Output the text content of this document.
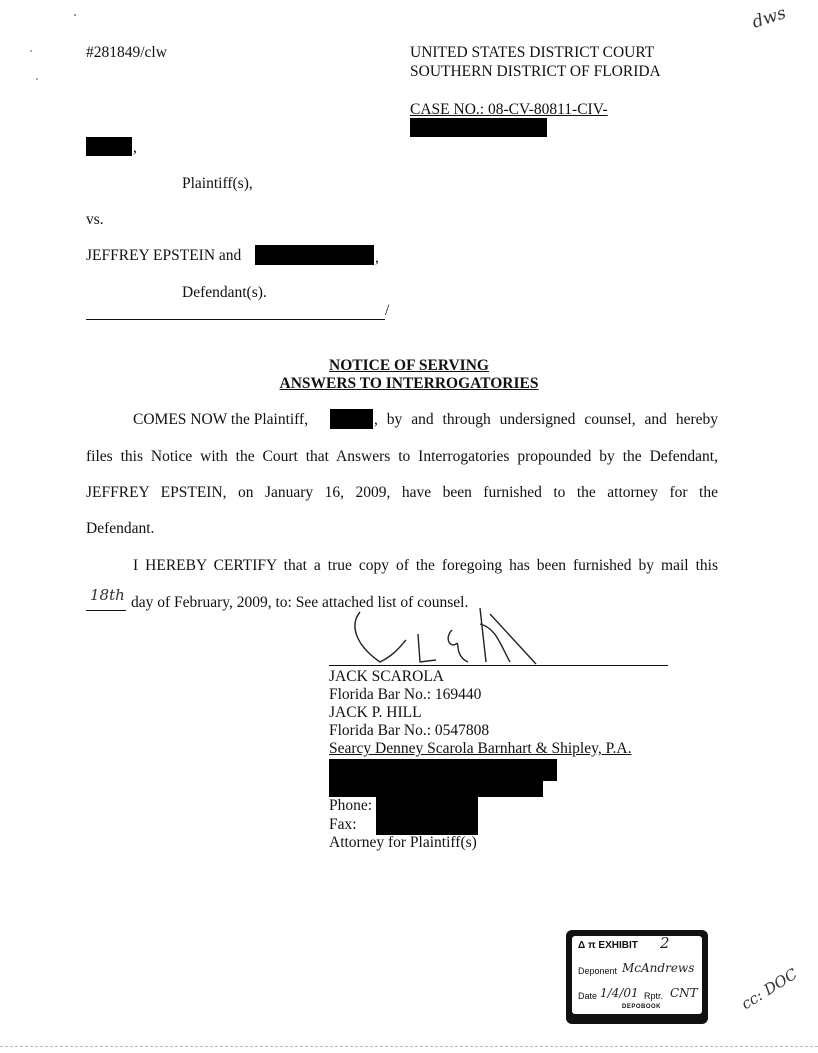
#281849/clw	UNITED STATES DISTRICT COURT
SOUTHERN DISTRICT OF FLORIDA
CASE NO.: 08-CV-80811-CIV-
,
Plaintiff(s),
vs.
JEFFREY EPSTEIN and	,
Defendant(s).
/
NOTICE OF SERVING
ANSWERS TO INTERROGATORIES
COMES NOW the Plaintiff,	, by and through undersigned counsel, and hereby
files this Notice with the Court that Answers to Interrogatories propounded by the Defendant,
JEFFREY EPSTEIN, on January 16, 2009, have been furnished to the attorney for the
Defendant.
I HEREBY CERTIFY that a true copy of the foregoing has been furnished by mail this
18th day of February, 2009, to: See attached list of counsel.
JACK SCAROLA
Florida Bar No.: 169440
JACK P. HILL
Florida Bar No.: 0547808
Searcy Denney Scarola Barnhart & Shipley, P.A.
Phone:
Fax:
Attorney for Plaintiff(s)
Δ π EXHIBIT 2
Deponent McAndrews
Date 1/4/01 Rptr. CNT
DEPOBOOK
dws
cc: DOC
